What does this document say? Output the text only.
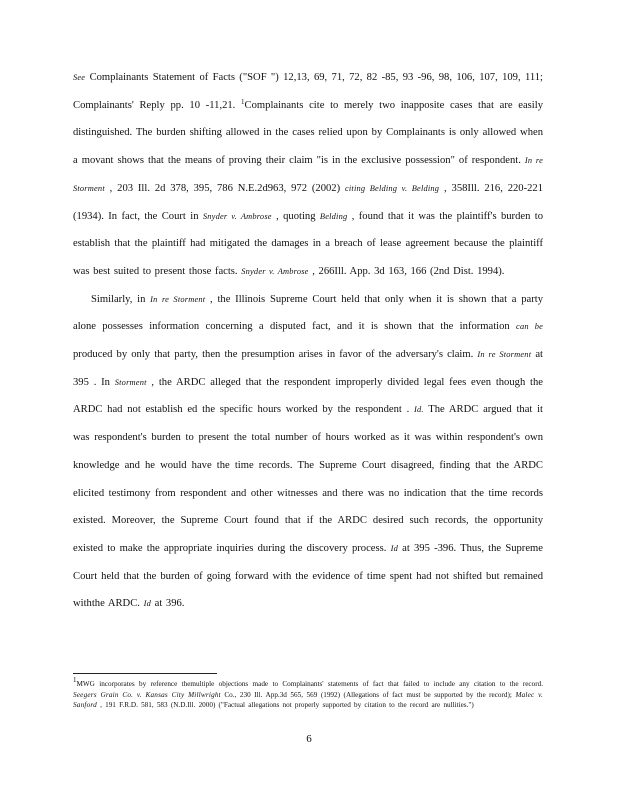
See Complainants Statement of Facts ("SOF ") 12,13, 69, 71, 72, 82 -85, 93 -96, 98, 106, 107, 109, 111; Complainants' Reply pp. 10 -11,21. $^1$Complainants cite to merely two inapposite cases that are easily distinguished. The burden shifting allowed in the cases relied upon by Complainants is only allowed when a movant shows that the means of proving their claim "is in the exclusive possession" of respondent. In re Storment , 203 Ill. 2d 378, 395, 786 N.E.2d963, 972 (2002) citing Belding v. Belding , 358Ill. 216, 220-221 (1934). In fact, the Court in Snyder v. Ambrose , quoting Belding , found that it was the plaintiff's burden to establish that the plaintiff had mitigated the damages in a breach of lease agreement because the plaintiff was best suited to present those facts. Snyder v. Ambrose , 266Ill. App. 3d 163, 166 (2nd Dist. 1994).

Similarly, in In re Storment , the Illinois Supreme Court held that only when it is shown that a party alone possesses information concerning a disputed fact, and it is shown that the information can be produced by only that party, then the presumption arises in favor of the adversary's claim. In re Storment at 395 . In Storment , the ARDC alleged that the respondent improperly divided legal fees even though the ARDC had not establish ed the specific hours worked by the respondent . Id. The ARDC argued that it was respondent's burden to present the total number of hours worked as it was within respondent's own knowledge and he would have the time records. The Supreme Court disagreed, finding that the ARDC elicited testimony from respondent and other witnesses and there was no indication that the time records existed. Moreover, the Supreme Court found that if the ARDC desired such records, the opportunity existed to make the appropriate inquiries during the discovery process. Id at 395 -396. Thus, the Supreme Court held that the burden of going forward with the evidence of time spent had not shifted but remained withthe ARDC. Id at 396.

$^1$MWG incorporates by reference themultiple objections made to Complainants' statements of fact that failed to include any citation to the record. Seegers Grain Co. v. Kansas City Millwright Co., 230 Ill. App.3d 565, 569 (1992) (Allegations of fact must be supported by the record); Malec v. Sanford , 191 F.R.D. 581, 583 (N.D.Ill. 2000) ("Factual allegations not properly supported by citation to the record are nullities.")
6
